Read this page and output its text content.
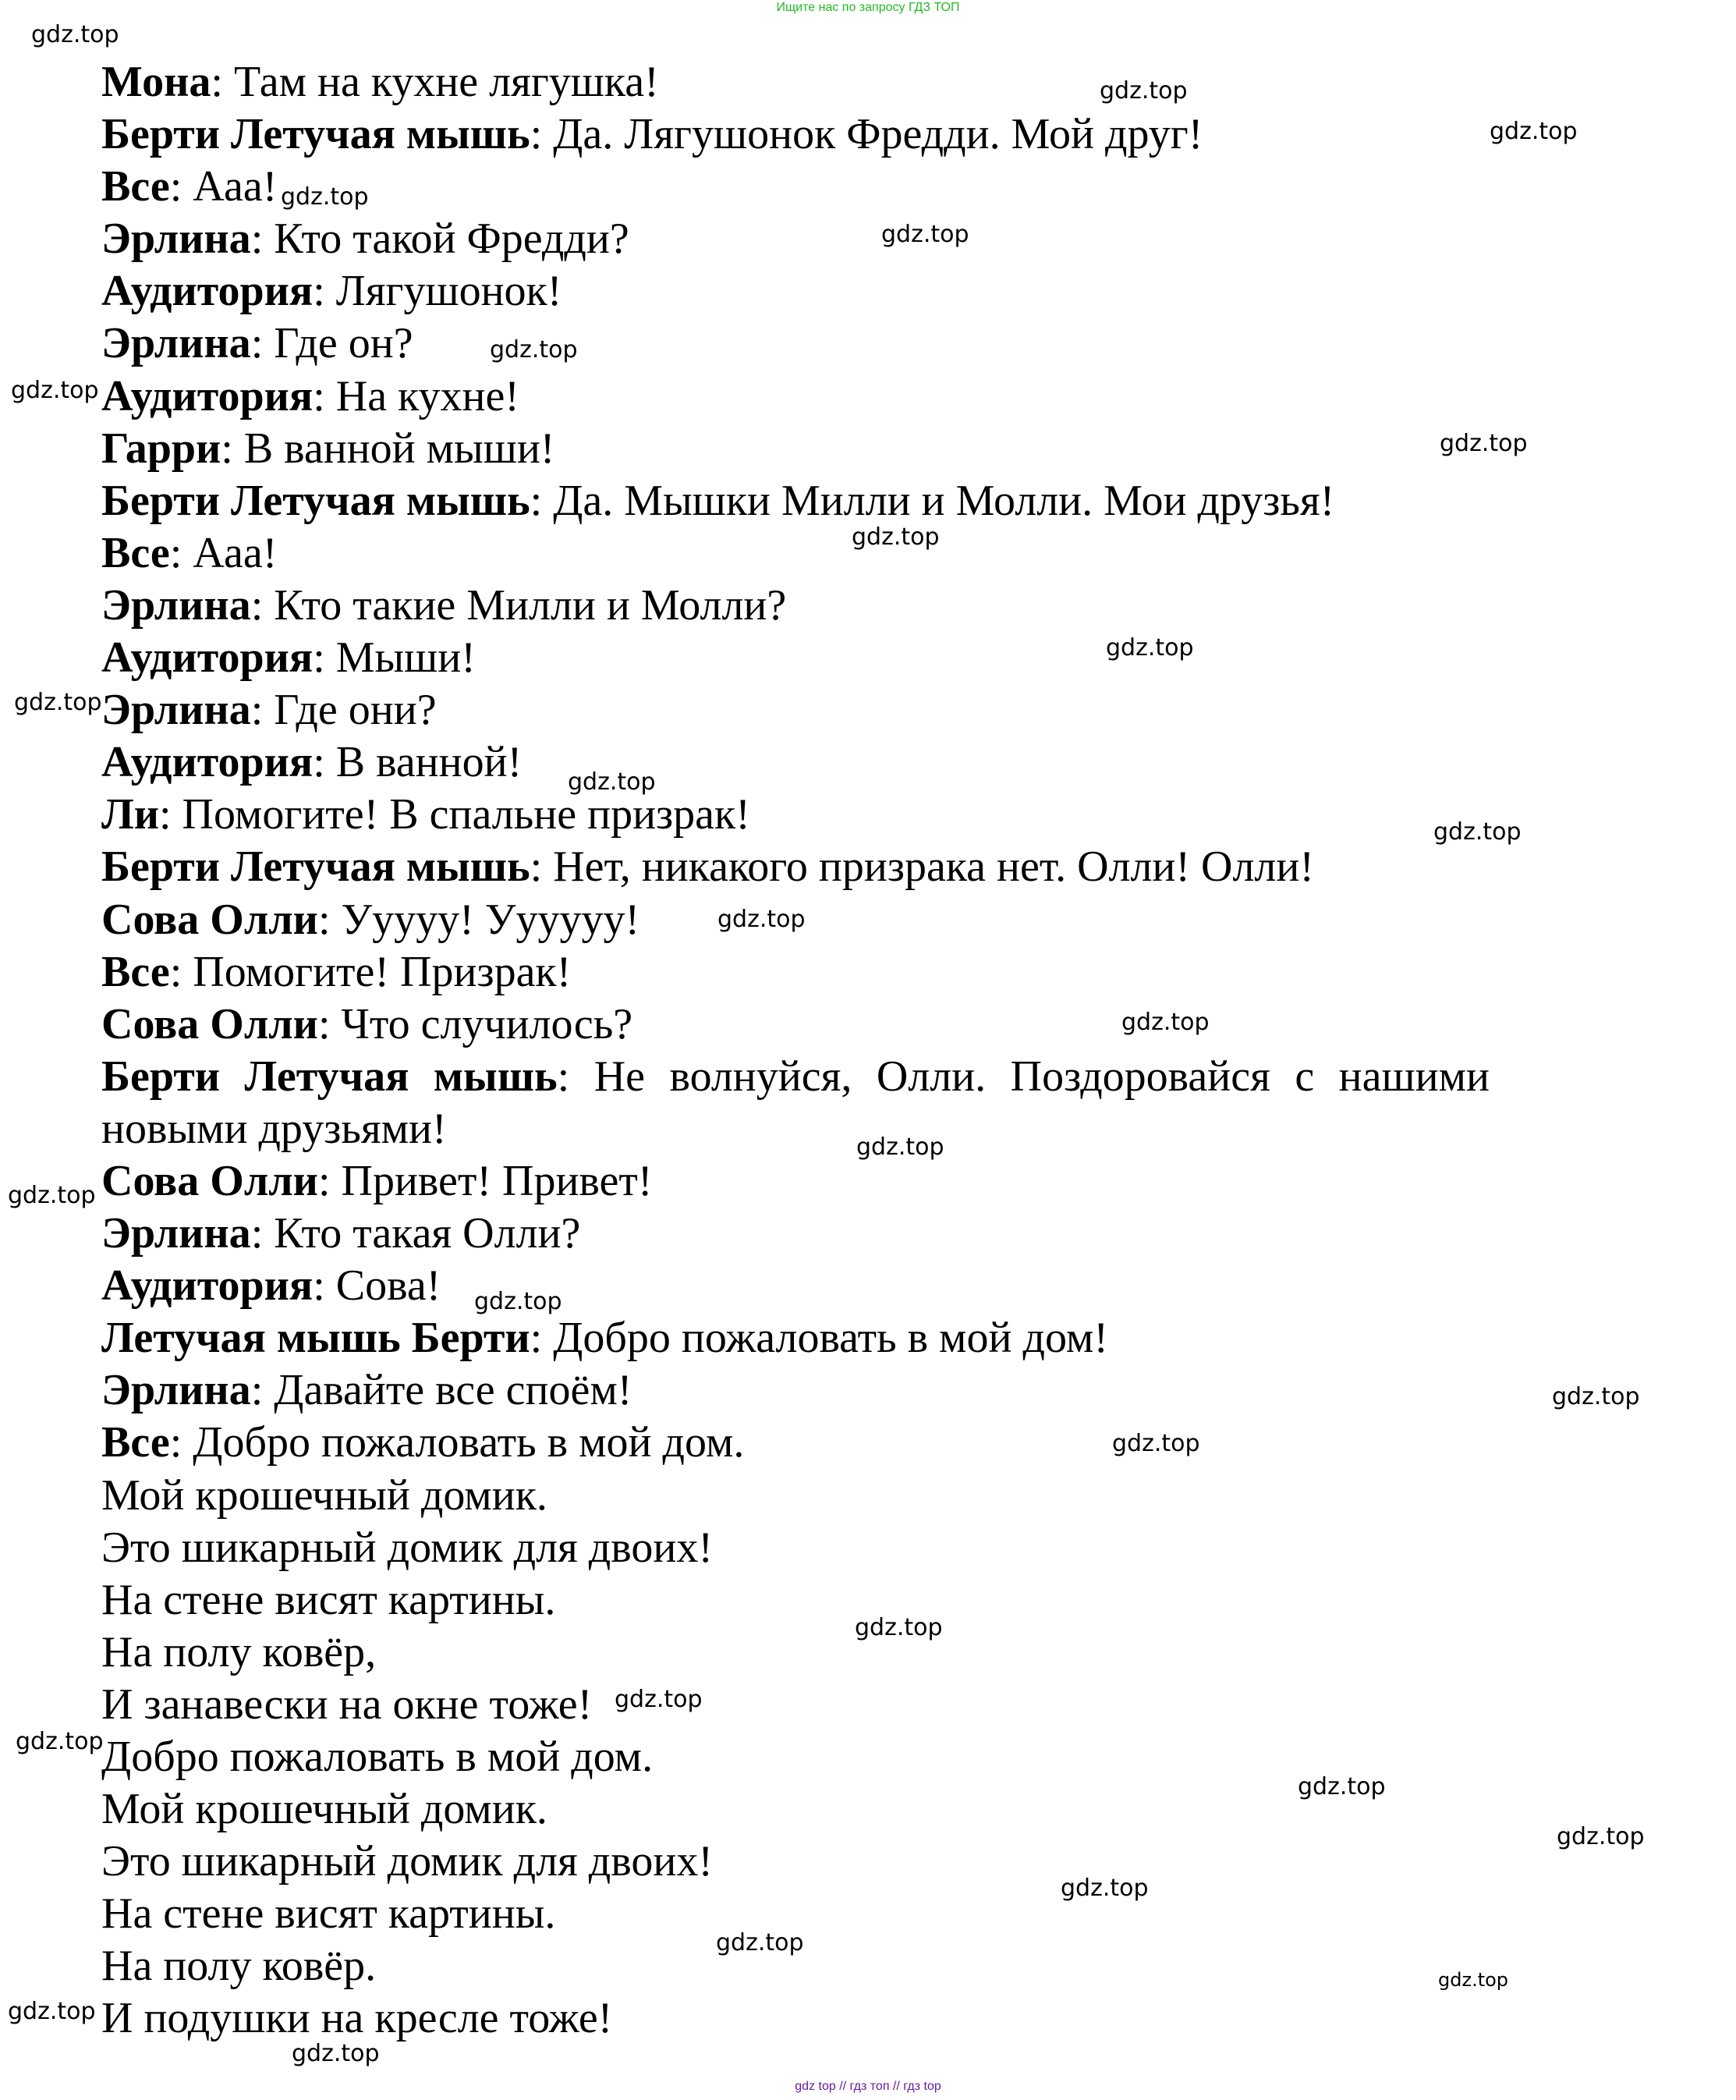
Ищите нас по запросу ГДЗ ТОП
Мона: Там на кухне лягушка!
Берти Летучая мышь: Да. Лягушонок Фредди. Мой друг!
Все: Ааа!
Эрлина: Кто такой Фредди?
Аудитория: Лягушонок!
Эрлина: Где он?
Аудитория: На кухне!
Гарри: В ванной мыши!
Берти Летучая мышь: Да. Мышки Милли и Молли. Мои друзья!
Все: Ааа!
Эрлина: Кто такие Милли и Молли?
Аудитория: Мыши!
Эрлина: Где они?
Аудитория: В ванной!
Ли: Помогите! В спальне призрак!
Берти Летучая мышь: Нет, никакого призрака нет. Олли! Олли!
Сова Олли: Ууууу! Уууууу!
Все: Помогите! Призрак!
Сова Олли: Что случилось?
Берти Летучая мышь: Не волнуйся, Олли. Поздоровайся с нашими новыми друзьями!
Сова Олли: Привет! Привет!
Эрлина: Кто такая Олли?
Аудитория: Сова!
Летучая мышь Берти: Добро пожаловать в мой дом!
Эрлина: Давайте все споём!
Все: Добро пожаловать в мой дом.
Мой крошечный домик.
Это шикарный домик для двоих!
На стене висят картины.
На полу ковёр,
И занавески на окне тоже!
Добро пожаловать в мой дом.
Мой крошечный домик.
Это шикарный домик для двоих!
На стене висят картины.
На полу ковёр.
И подушки на кресле тоже!
gdz.top
gdz.top
gdz.top
gdz.top
gdz.top
gdz.top
gdz.top
gdz.top
gdz.top
gdz.top
gdz.top
gdz.top
gdz.top
gdz.top
gdz.top
gdz.top
gdz.top
gdz.top
gdz.top
gdz.top
gdz.top
gdz.top
gdz.top
gdz.top
gdz.top
gdz.top
gdz.top
gdz.top
gdz.top
gdz.top
gdz top // гдз топ // гдз top
